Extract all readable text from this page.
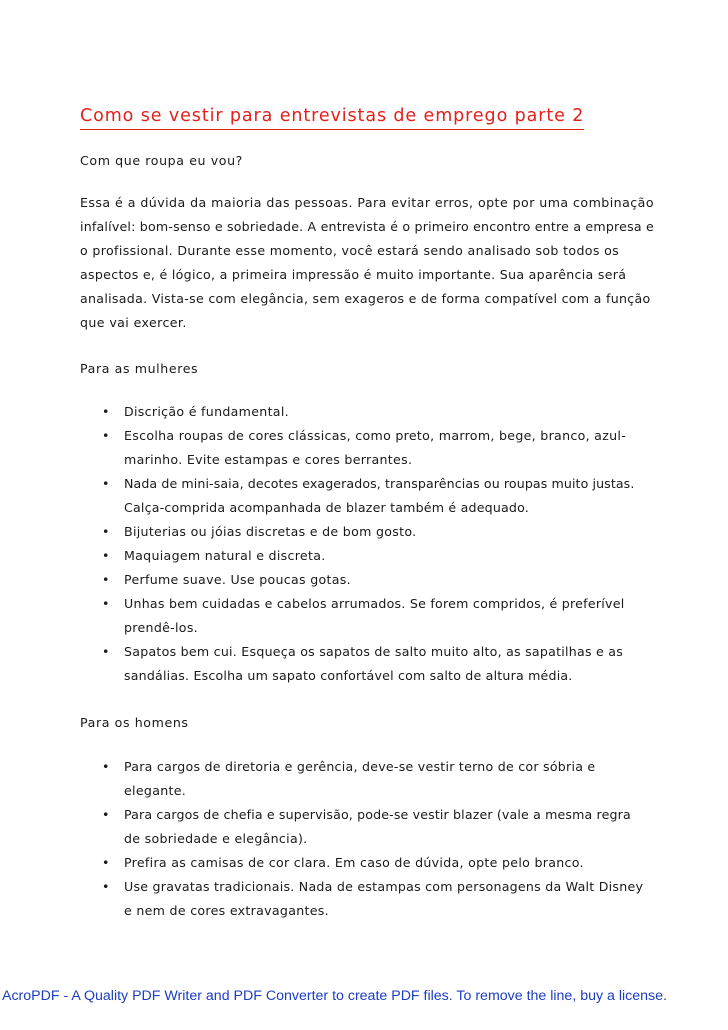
Como se vestir para entrevistas de emprego parte 2
Com que roupa eu vou?
Essa é a dúvida da maioria das pessoas. Para evitar erros, opte por uma combinação
infalível: bom-senso e sobriedade. A entrevista é o primeiro encontro entre a empresa e
o profissional. Durante esse momento, você estará sendo analisado sob todos os
aspectos e, é lógico, a primeira impressão é muito importante. Sua aparência será
analisada. Vista-se com elegância, sem exageros e de forma compatível com a função
que vai exercer.
Para as mulheres
• Discrição é fundamental.
• Escolha roupas de cores clássicas, como preto, marrom, bege, branco, azul-
marinho. Evite estampas e cores berrantes.
• Nada de mini-saia, decotes exagerados, transparências ou roupas muito justas.
Calça-comprida acompanhada de blazer também é adequado.
• Bijuterias ou jóias discretas e de bom gosto.
• Maquiagem natural e discreta.
• Perfume suave. Use poucas gotas.
• Unhas bem cuidadas e cabelos arrumados. Se forem compridos, é preferível
prendê-los.
• Sapatos bem cui. Esqueça os sapatos de salto muito alto, as sapatilhas e as
sandálias. Escolha um sapato confortável com salto de altura média.
Para os homens
• Para cargos de diretoria e gerência, deve-se vestir terno de cor sóbria e
elegante.
• Para cargos de chefia e supervisão, pode-se vestir blazer (vale a mesma regra
de sobriedade e elegância).
• Prefira as camisas de cor clara. Em caso de dúvida, opte pelo branco.
• Use gravatas tradicionais. Nada de estampas com personagens da Walt Disney
e nem de cores extravagantes.
AcroPDF - A Quality PDF Writer and PDF Converter to create PDF files. To remove the line, buy a license.
